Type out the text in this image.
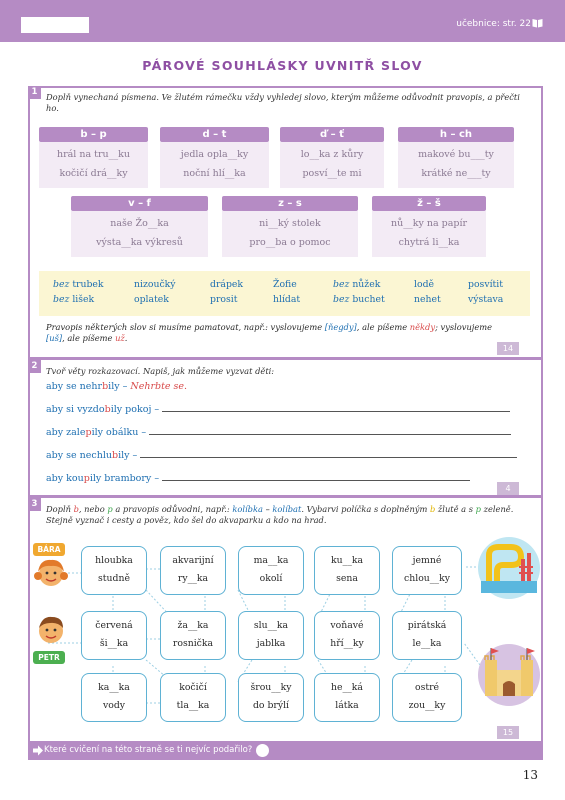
učebnice: str. 22
PÁROVÉ SOUHLÁSKY UVNITŘ SLOV
1	Doplň vynechaná písmena. Ve žlutém rámečku vždy vyhledej slovo, kterým můžeme odůvodnit pravopis, a přečti ho.
b – p
hrál na tru__ku
kočičí drá__ky
d – t
jedla opla__ky
noční hlí__ka
ď – ť
lo__ka z kůry
posví__te mi
h – ch
makové bu___ty
krátké ne___ty
v – f
naše Žo__ka
výsta__ka výkresů
z – s
ni__ký stolek
pro__ba o pomoc
ž – š
nů__ky na papír
chytrá li__ka
bez trubek
bez lišek
nizoučký
oplatek
drápek
prosit
Žofie
hlídat
bez nůžek
bez buchet
lodě
nehet
posvítit
výstava
Pravopis některých slov si musíme pamatovat, např.: vyslovujeme [ňegdy], ale píšeme někdy; vyslovujeme [uš], ale píšeme už.
14
2	Tvoř věty rozkazovací. Napiš, jak můžeme vyzvat děti:
aby se nehrbily – Nehrbte se.
aby si vyzdobily pokoj –
aby zalepily obálku –
aby se nechlubily –
aby koupily brambory –
4
3	Doplň b, nebo p a pravopis odůvodni, např.: kolíbka – kolíbat. Vybarvi políčka s doplněným b žlutě a s p zeleně. Stejně vyznač i cesty a pověz, kdo šel do akvaparku a kdo na hrad.
BÁRA
PETR
hloubka
studně
akvarijní
ry__ka
ma__ka
okolí
ku__ka
sena
jemné
chlou__ky
červená
ši__ka
ža__ka
rosnička
slu__ka
jablka
voňavé
hří__ky
pirátská
le__ka
ka__ka
vody
kočičí
tla__ka
šrou__ky
do brýlí
he__ká
látka
ostré
zou__ky
15
Které cvičení na této straně se ti nejvíc podařilo?
13
